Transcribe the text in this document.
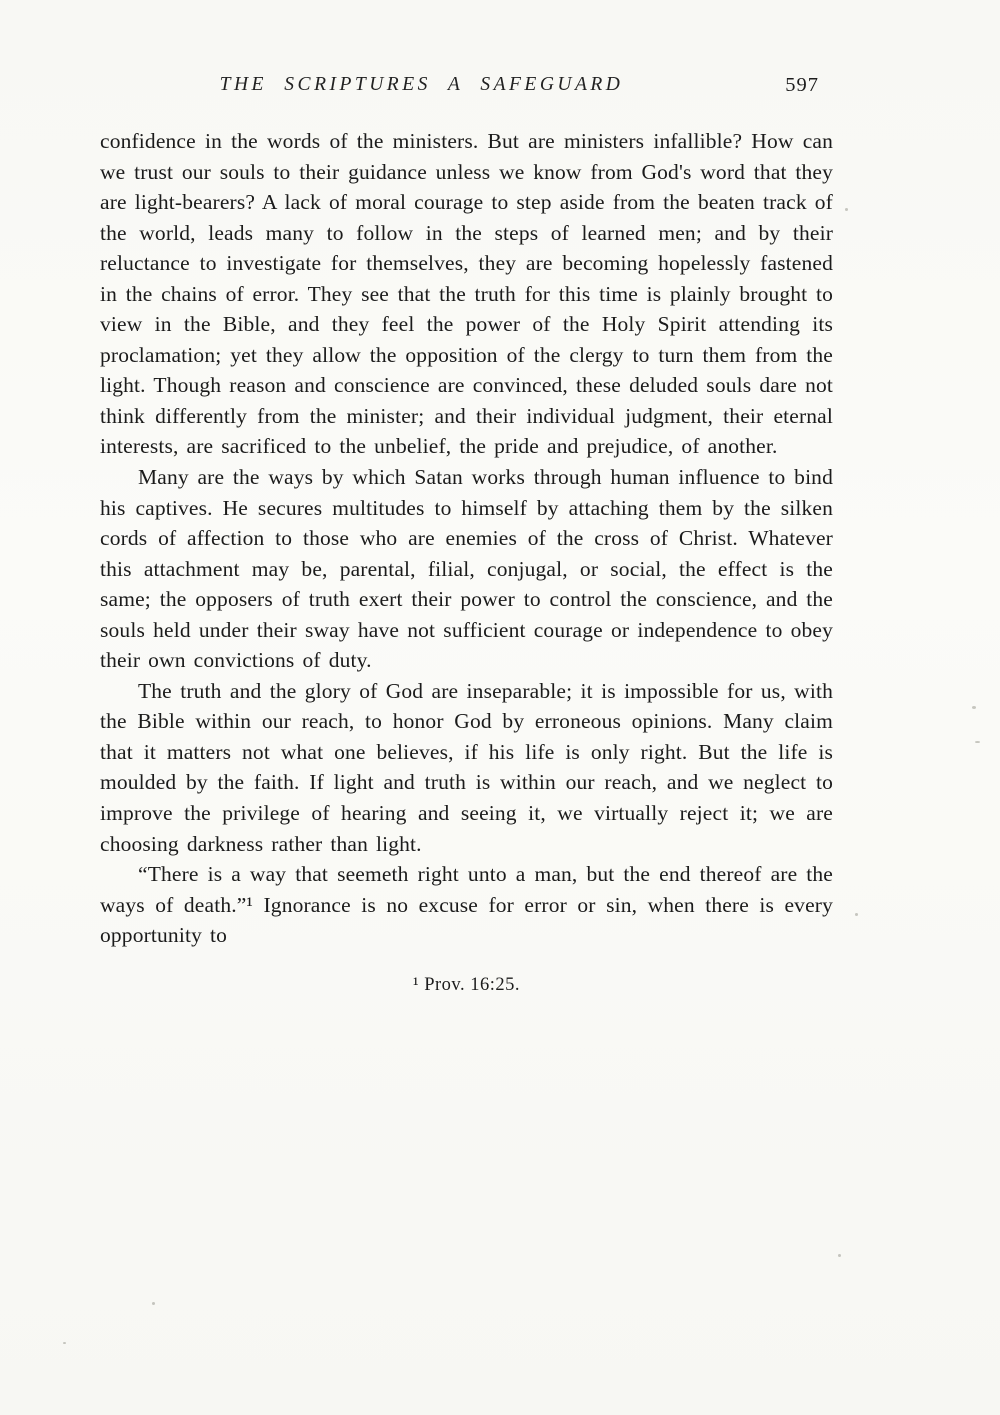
THE SCRIPTURES A SAFEGUARD	597

confidence in the words of the ministers. But are ministers infallible? How can we trust our souls to their guidance unless we know from God's word that they are light-bearers? A lack of moral courage to step aside from the beaten track of the world, leads many to follow in the steps of learned men; and by their reluctance to investigate for themselves, they are becoming hopelessly fastened in the chains of error. They see that the truth for this time is plainly brought to view in the Bible, and they feel the power of the Holy Spirit attending its proclamation; yet they allow the opposition of the clergy to turn them from the light. Though reason and conscience are convinced, these deluded souls dare not think differently from the minister; and their individual judgment, their eternal interests, are sacrificed to the unbelief, the pride and prejudice, of another.

Many are the ways by which Satan works through human influence to bind his captives. He secures multitudes to himself by attaching them by the silken cords of affection to those who are enemies of the cross of Christ. Whatever this attachment may be, parental, filial, conjugal, or social, the effect is the same; the opposers of truth exert their power to control the conscience, and the souls held under their sway have not sufficient courage or independence to obey their own convictions of duty.

The truth and the glory of God are inseparable; it is impossible for us, with the Bible within our reach, to honor God by erroneous opinions. Many claim that it matters not what one believes, if his life is only right. But the life is moulded by the faith. If light and truth is within our reach, and we neglect to improve the privilege of hearing and seeing it, we virtually reject it; we are choosing darkness rather than light.

“There is a way that seemeth right unto a man, but the end thereof are the ways of death.”¹ Ignorance is no excuse for error or sin, when there is every opportunity to

¹ Prov. 16:25.
